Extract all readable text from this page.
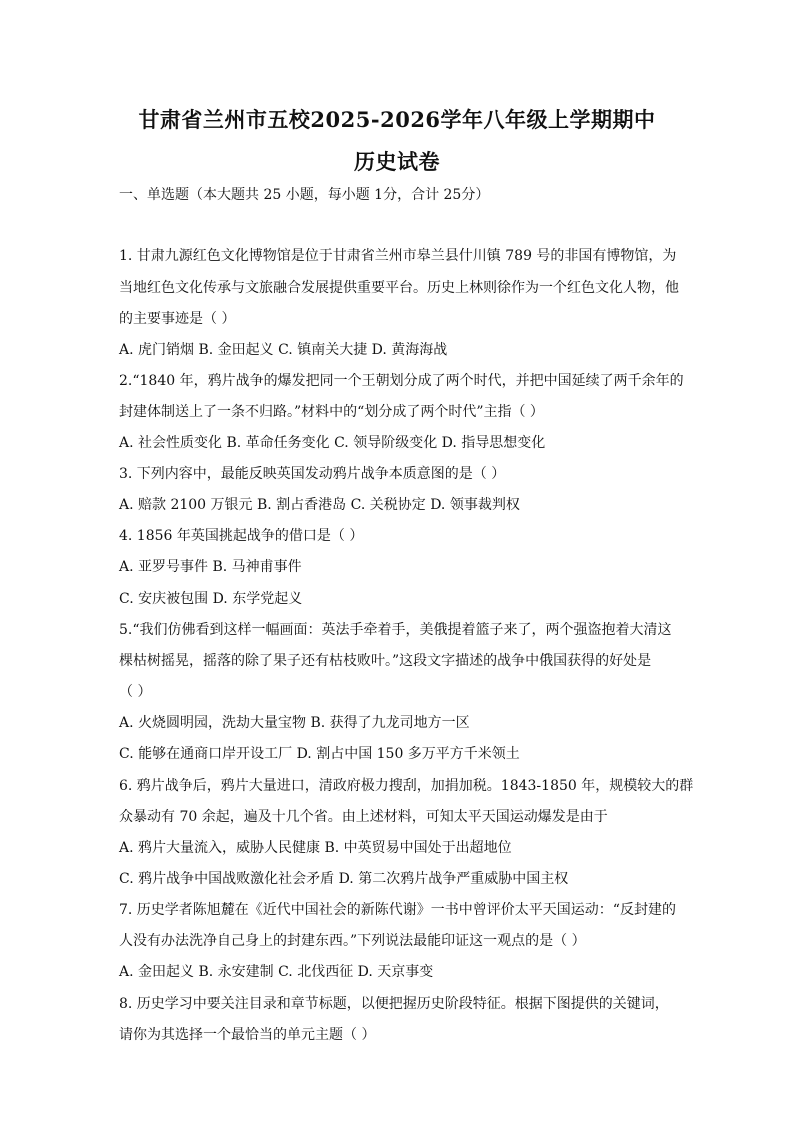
甘肃省兰州市五校2025-2026学年八年级上学期期中
历史试卷

一、单选题（本大题共 25 小题，每小题 1分，合计 25分）

1. 甘肃九源红色文化博物馆是位于甘肃省兰州市皋兰县什川镇 789 号的非国有博物馆，为

当地红色文化传承与文旅融合发展提供重要平台。历史上林则徐作为一个红色文化人物，他

的主要事迹是（ ）

A. 虎门销烟 B. 金田起义 C. 镇南关大捷 D. 黄海海战

2.“1840 年，鸦片战争的爆发把同一个王朝划分成了两个时代，并把中国延续了两千余年的

封建体制送上了一条不归路。”材料中的“划分成了两个时代”主指（ ）

A. 社会性质变化 B. 革命任务变化 C. 领导阶级变化 D. 指导思想变化

3. 下列内容中，最能反映英国发动鸦片战争本质意图的是（ ）

A. 赔款 2100 万银元 B. 割占香港岛 C. 关税协定 D. 领事裁判权

4. 1856 年英国挑起战争的借口是（ ）

A. 亚罗号事件 B. 马神甫事件

C. 安庆被包围 D. 东学党起义

5.“我们仿佛看到这样一幅画面：英法手牵着手，美俄提着篮子来了，两个强盗抱着大清这

棵枯树摇晃，摇落的除了果子还有枯枝败叶。”这段文字描述的战争中俄国获得的好处是

（ ）

A. 火烧圆明园，洗劫大量宝物 B. 获得了九龙司地方一区

C. 能够在通商口岸开设工厂 D. 割占中国 150 多万平方千米领土

6. 鸦片战争后，鸦片大量进口，清政府极力搜刮，加捐加税。1843-1850 年，规模较大的群

众暴动有 70 余起，遍及十几个省。由上述材料，可知太平天国运动爆发是由于

A. 鸦片大量流入，威胁人民健康 B. 中英贸易中国处于出超地位

C. 鸦片战争中国战败激化社会矛盾 D. 第二次鸦片战争严重威胁中国主权

7. 历史学者陈旭麓在《近代中国社会的新陈代谢》一书中曾评价太平天国运动：“反封建的

人没有办法洗净自己身上的封建东西。”下列说法最能印证这一观点的是（ ）

A. 金田起义 B. 永安建制 C. 北伐西征 D. 天京事变

8. 历史学习中要关注目录和章节标题，以便把握历史阶段特征。根据下图提供的关键词，

请你为其选择一个最恰当的单元主题（ ）
